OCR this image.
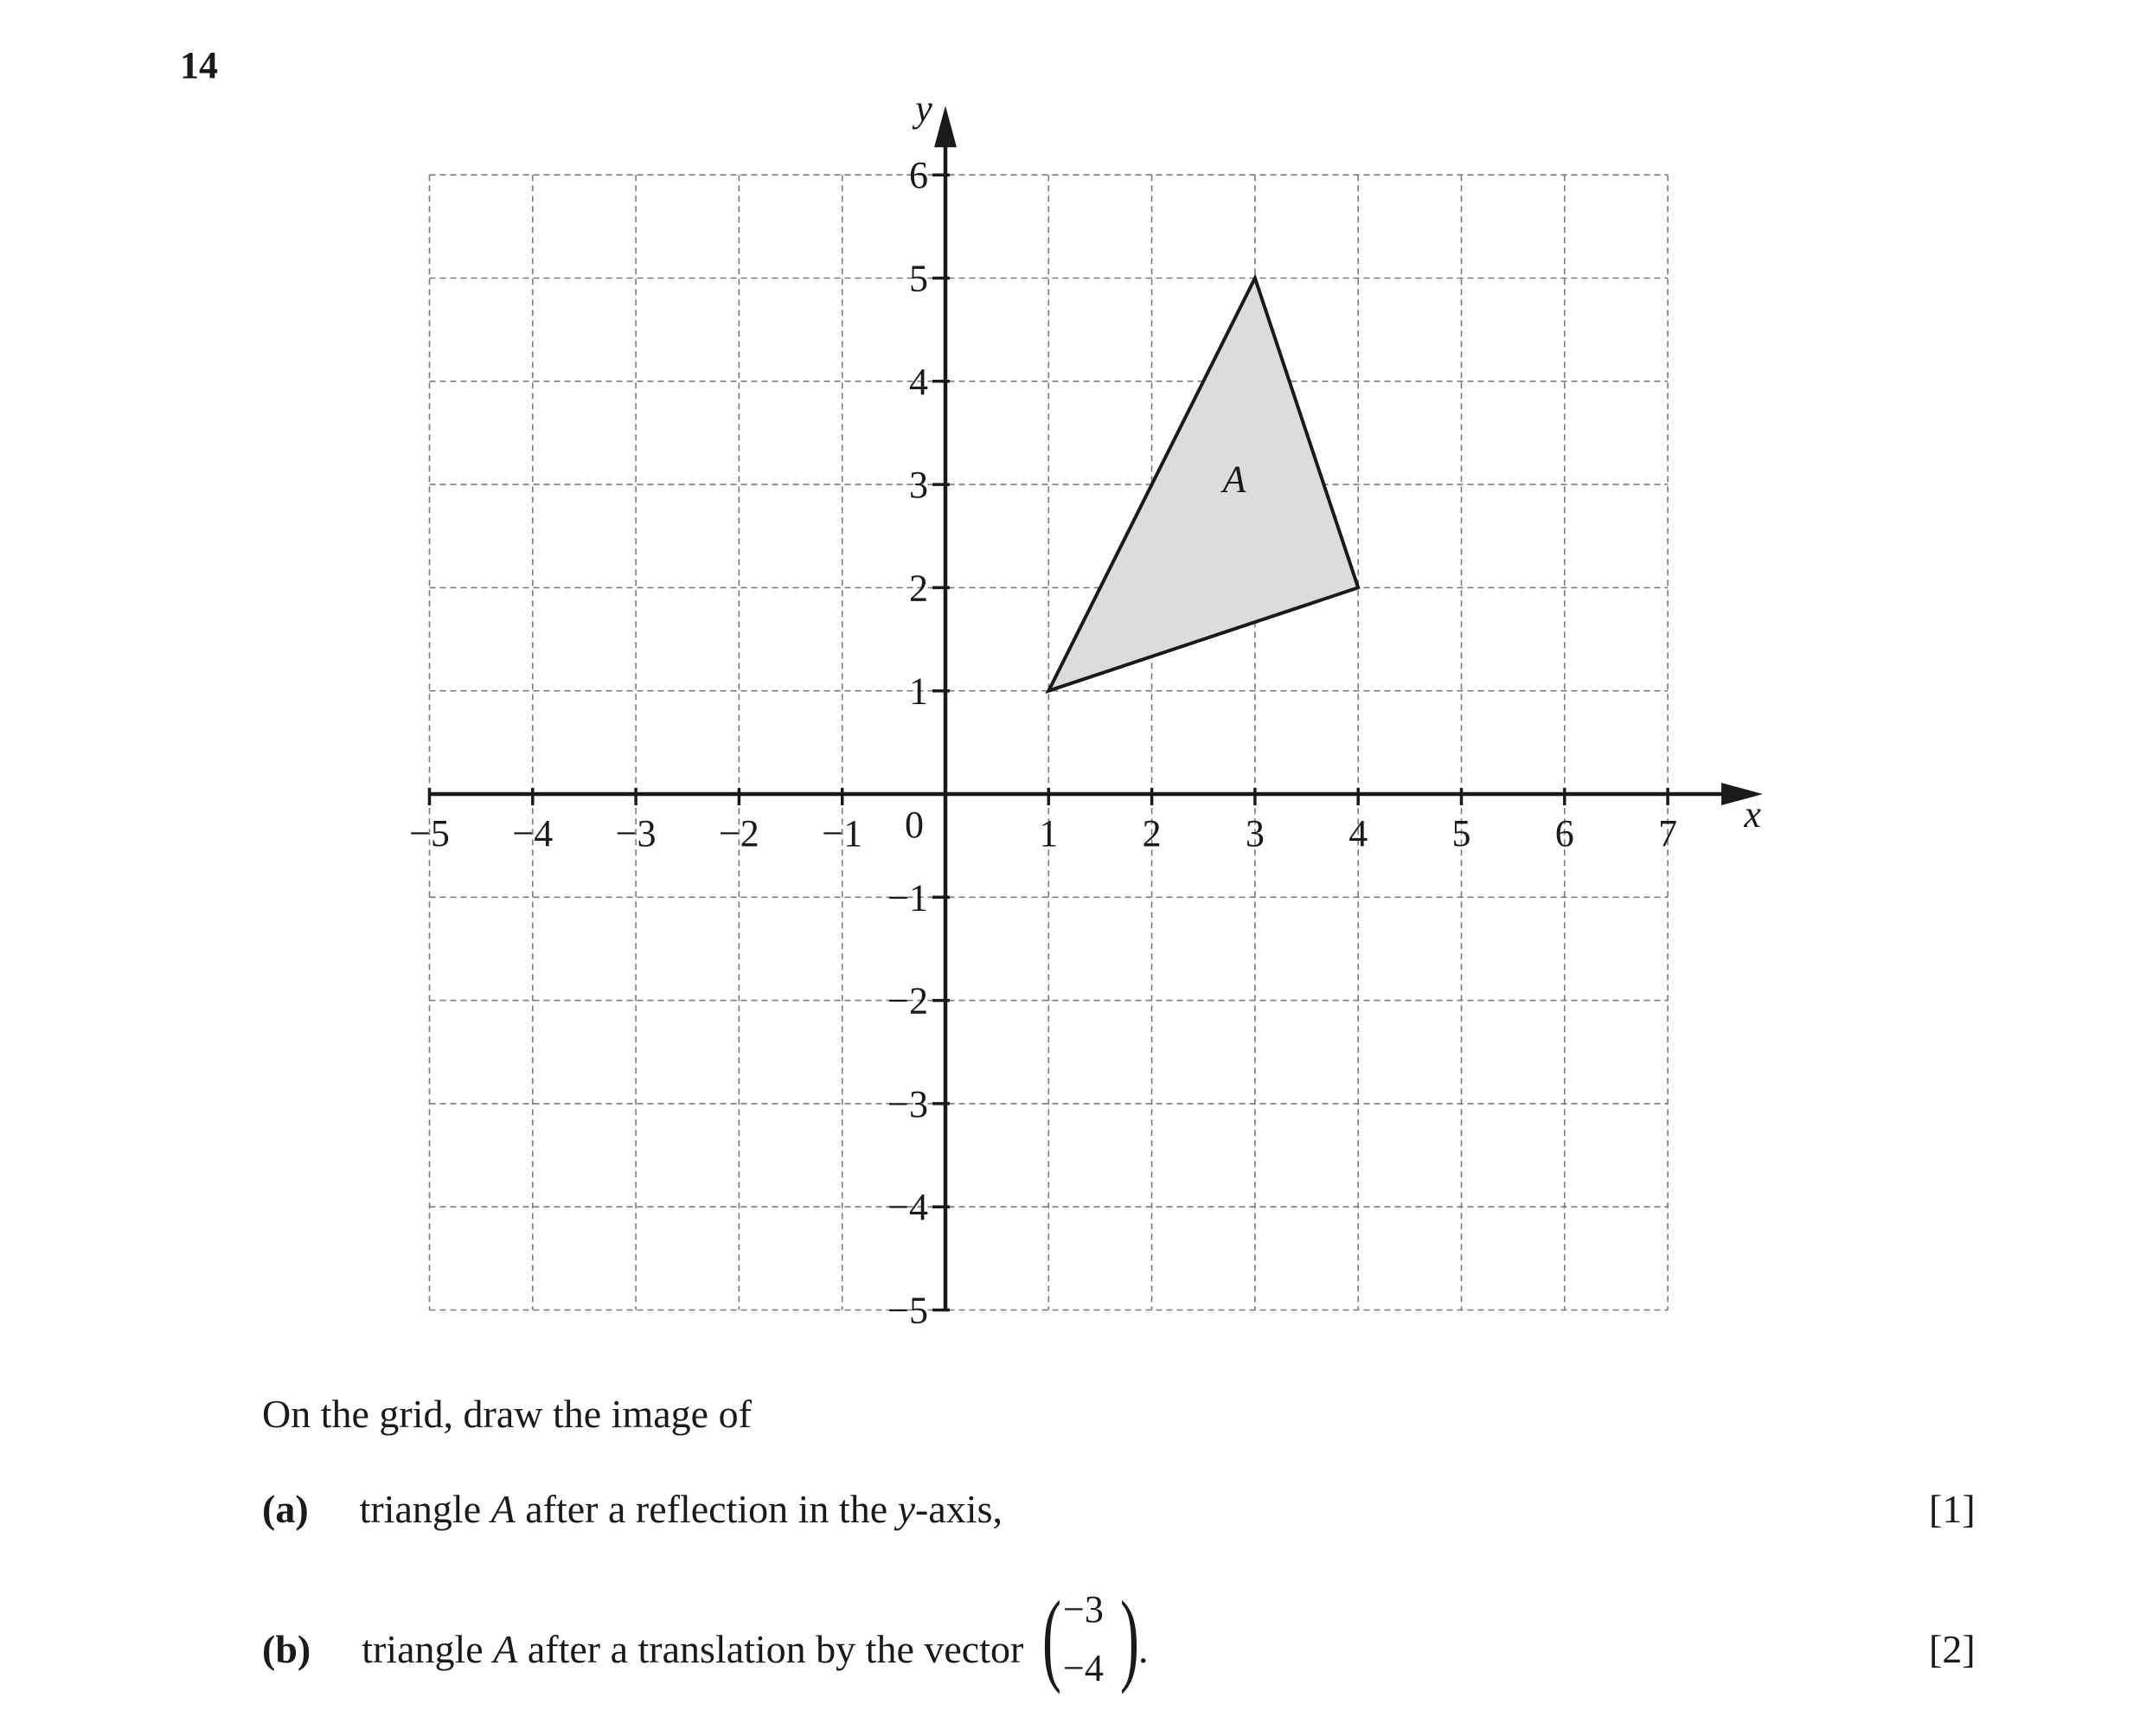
14
−5 −4 −3 −2 −1	1 2 3 4 5 6 7
6
5
4
3
2
1
−1
−2
−3
−4
−5
0	x
y
A
On the grid, draw the image of
(a) triangle A after a reflection in the y-axis,	[1]
(b) triangle A after a translation by the vector ( −3
−4 ) .	[2]
